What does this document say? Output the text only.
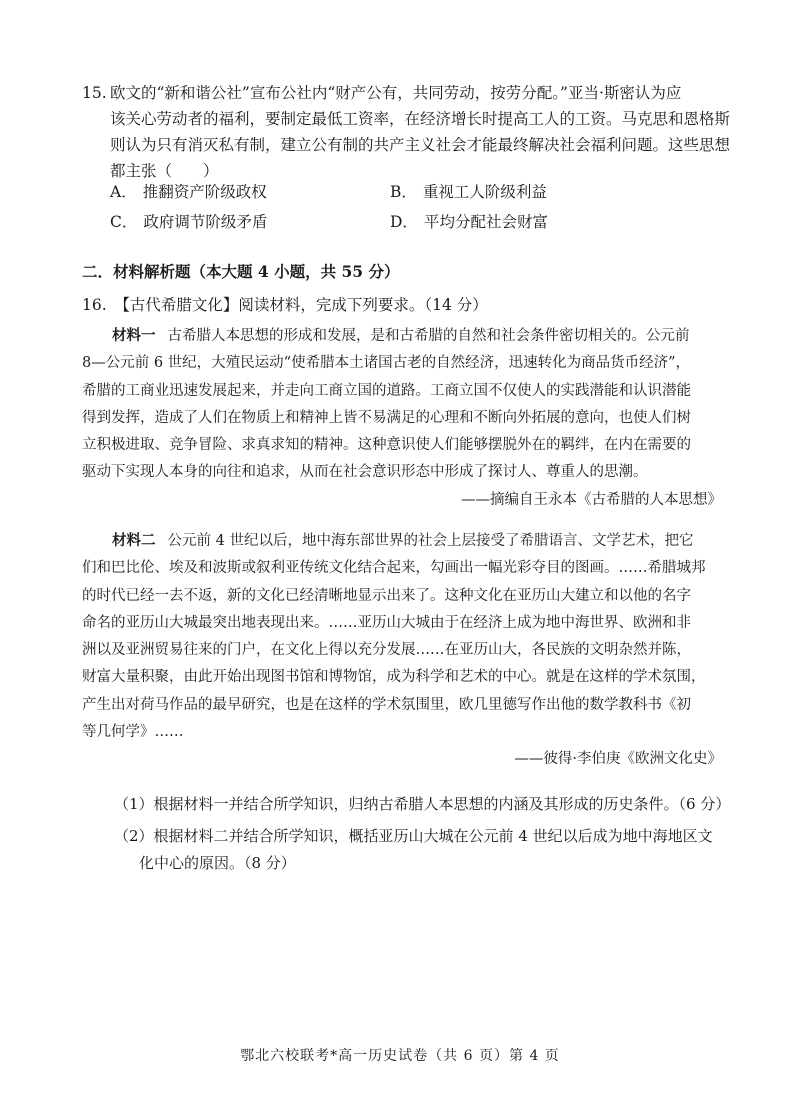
15. 欧文的“新和谐公社”宣布公社内“财产公有，共同劳动，按劳分配。”亚当·斯密认为应
该关心劳动者的福利，要制定最低工资率，在经济增长时提高工人的工资。马克思和恩格斯
则认为只有消灭私有制，建立公有制的共产主义社会才能最终解决社会福利问题。这些思想
都主张（　　）
A． 推翻资产阶级政权	B． 重视工人阶级利益
C． 政府调节阶级矛盾	D． 平均分配社会财富
二．材料解析题（本大题 4 小题，共 55 分）
16.　【古代希腊文化】阅读材料，完成下列要求。（14 分）
材料一 古希腊人本思想的形成和发展，是和古希腊的自然和社会条件密切相关的。公元前
8—公元前 6 世纪，大殖民运动“使希腊本土诸国古老的自然经济，迅速转化为商品货币经济”，
希腊的工商业迅速发展起来，并走向工商立国的道路。工商立国不仅使人的实践潜能和认识潜能
得到发挥，造成了人们在物质上和精神上皆不易满足的心理和不断向外拓展的意向，也使人们树
立积极进取、竞争冒险、求真求知的精神。这种意识使人们能够摆脱外在的羁绊，在内在需要的
驱动下实现人本身的向往和追求，从而在社会意识形态中形成了探讨人、尊重人的思潮。
——摘编自王永本《古希腊的人本思想》
材料二 公元前 4 世纪以后，地中海东部世界的社会上层接受了希腊语言、文学艺术，把它
们和巴比伦、埃及和波斯或叙利亚传统文化结合起来，勾画出一幅光彩夺目的图画。……希腊城邦
的时代已经一去不返，新的文化已经清晰地显示出来了。这种文化在亚历山大建立和以他的名字
命名的亚历山大城最突出地表现出来。……亚历山大城由于在经济上成为地中海世界、欧洲和非
洲以及亚洲贸易往来的门户，在文化上得以充分发展……在亚历山大，各民族的文明杂然并陈，
财富大量积聚，由此开始出现图书馆和博物馆，成为科学和艺术的中心。就是在这样的学术氛围，
产生出对荷马作品的最早研究，也是在这样的学术氛围里，欧几里德写作出他的数学教科书《初
等几何学》……
——彼得·李伯庚《欧洲文化史》
（1）根据材料一并结合所学知识，归纳古希腊人本思想的内涵及其形成的历史条件。（6 分）
（2）根据材料二并结合所学知识，概括亚历山大城在公元前 4 世纪以后成为地中海地区文
化中心的原因。（8 分）
鄂北六校联考*高一历史试卷（共 6 页）第 4 页
